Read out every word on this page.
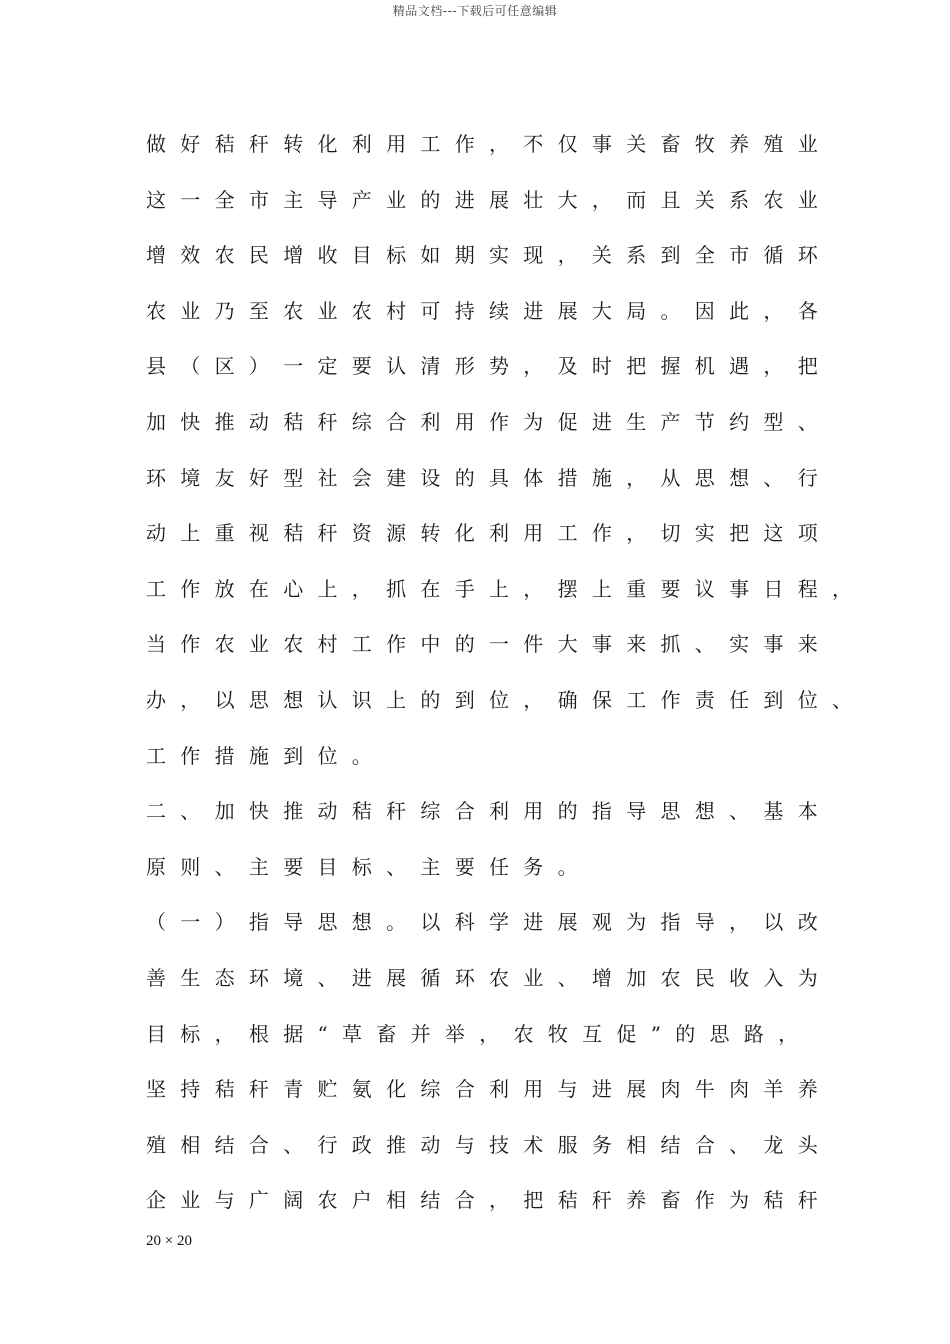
精品文档---下载后可任意编辑
做好秸秆转化利用工作，不仅事关畜牧养殖业
这一全市主导产业的进展壮大，而且关系农业
增效农民增收目标如期实现，关系到全市循环
农业乃至农业农村可持续进展大局。因此，各
县（区）一定要认清形势，及时把握机遇，把
加快推动秸秆综合利用作为促进生产节约型、
环境友好型社会建设的具体措施，从思想、行
动上重视秸秆资源转化利用工作，切实把这项
工作放在心上，抓在手上，摆上重要议事日程，
当作农业农村工作中的一件大事来抓、实事来
办，以思想认识上的到位，确保工作责任到位、
工作措施到位。
二、加快推动秸秆综合利用的指导思想、基本
原则、主要目标、主要任务。
（一）指导思想。以科学进展观为指导，以改
善生态环境、进展循环农业、增加农民收入为
目标，根据“草畜并举，农牧互促”的思路，
坚持秸秆青贮氨化综合利用与进展肉牛肉羊养
殖相结合、行政推动与技术服务相结合、龙头
企业与广阔农户相结合，把秸秆养畜作为秸秆
20 × 20
